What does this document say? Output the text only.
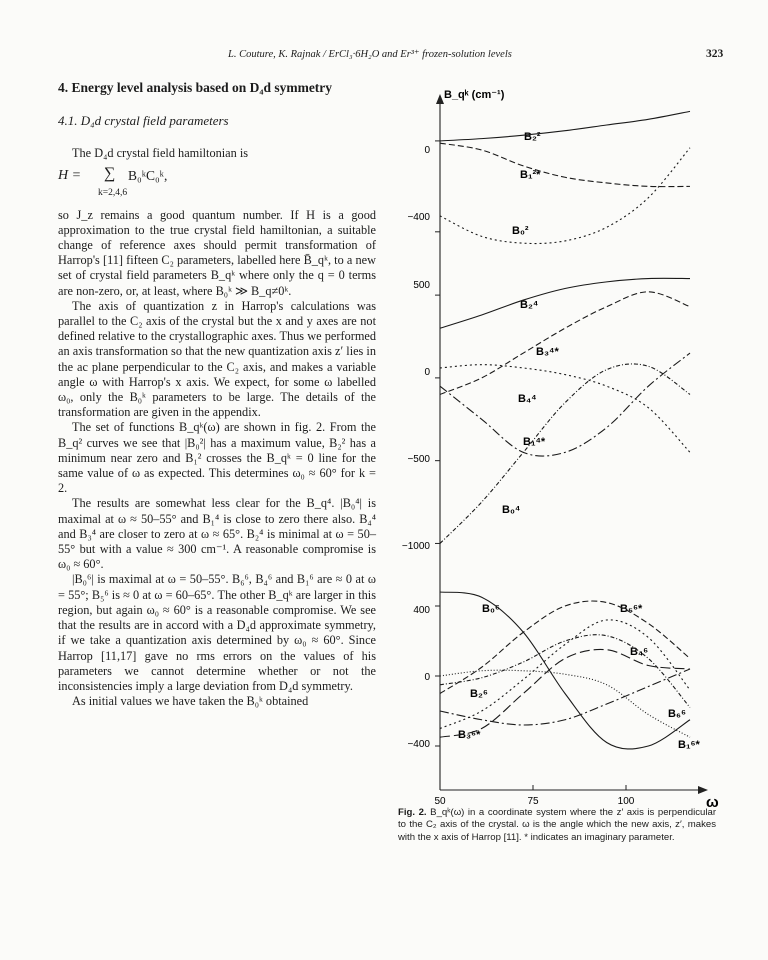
L. Couture, K. Rajnak / ErCl₃·6H₂O and Er³⁺ frozen-solution levels	323

4. Energy level analysis based on D₄d symmetry

4.1. D₄d crystal field parameters

The D₄d crystal field hamiltonian is

H = ∑ B₀ᵏC₀ᵏ,
k=2,4,6

so J_z remains a good quantum number. If H is a good approximation to the true crystal field hamiltonian, a suitable change of reference axes should permit transformation of Harrop's [11] fifteen C₂ parameters, labelled here B̄_qᵏ, to a new set of crystal field parameters B_qᵏ where only the q = 0 terms are non-zero, or, at least, where B₀ᵏ ≫ B_q≠0ᵏ.

The axis of quantization z in Harrop's calculations was parallel to the C₂ axis of the crystal but the x and y axes are not defined relative to the crystallographic axes. Thus we performed an axis transformation so that the new quantization axis z′ lies in the ac plane perpendicular to the C₂ axis, and makes a variable angle ω with Harrop's x axis. We expect, for some ω labelled ω₀, only the B₀ᵏ parameters to be large. The details of the transformation are given in the appendix.

The set of functions B_qᵏ(ω) are shown in fig. 2. From the B_q² curves we see that |B₀²| has a maximum value, B₂² has a minimum near zero and B₁² crosses the B_qᵏ = 0 line for the same value of ω as expected. This determines ω₀ ≈ 60° for k = 2.

The results are somewhat less clear for the B_q⁴. |B₀⁴| is maximal at ω ≈ 50–55° and B₁⁴ is close to zero there also. B₄⁴ and B₃⁴ are closer to zero at ω ≈ 65°. B₂⁴ is minimal at ω = 50–55° but with a value ≈ 300 cm⁻¹. A reasonable compromise is ω₀ ≈ 60°.

|B₀⁶| is maximal at ω = 50–55°. B₆⁶, B₄⁶ and B₁⁶ are ≈ 0 at ω = 55°; B₅⁶ is ≈ 0 at ω = 60–65°. The other B_qᵏ are larger in this region, but again ω₀ ≈ 60° is a reasonable compromise. We see that the results are in accord with a D₄d approximate symmetry, if we take a quantization axis determined by ω₀ ≈ 60°. Since Harrop [11,17] gave no rms errors on the values of his parameters we cannot determine whether or not the inconsistencies imply a large deviation from D₄d symmetry.

As initial values we have taken the B₀ᵏ obtained

B_qᵏ (cm⁻¹)
ω
0
−400
500
0
−500
−1000
400
0
−400
50	75	100
B₂²
B₁²*
B₀²
B₂⁴
B₃⁴*
B₄⁴
B₁⁴*
B₀⁴
B₀⁶	B₅⁶*
B₄⁶
B₂⁶
B₆⁶
B₃⁶*
B₁⁶*
Fig. 2. B_qᵏ(ω) in a coordinate system where the z′ axis is perpendicular to the C₂ axis of the crystal. ω is the angle which the new axis, z′, makes with the x axis of Harrop [11]. * indicates an imaginary parameter.
